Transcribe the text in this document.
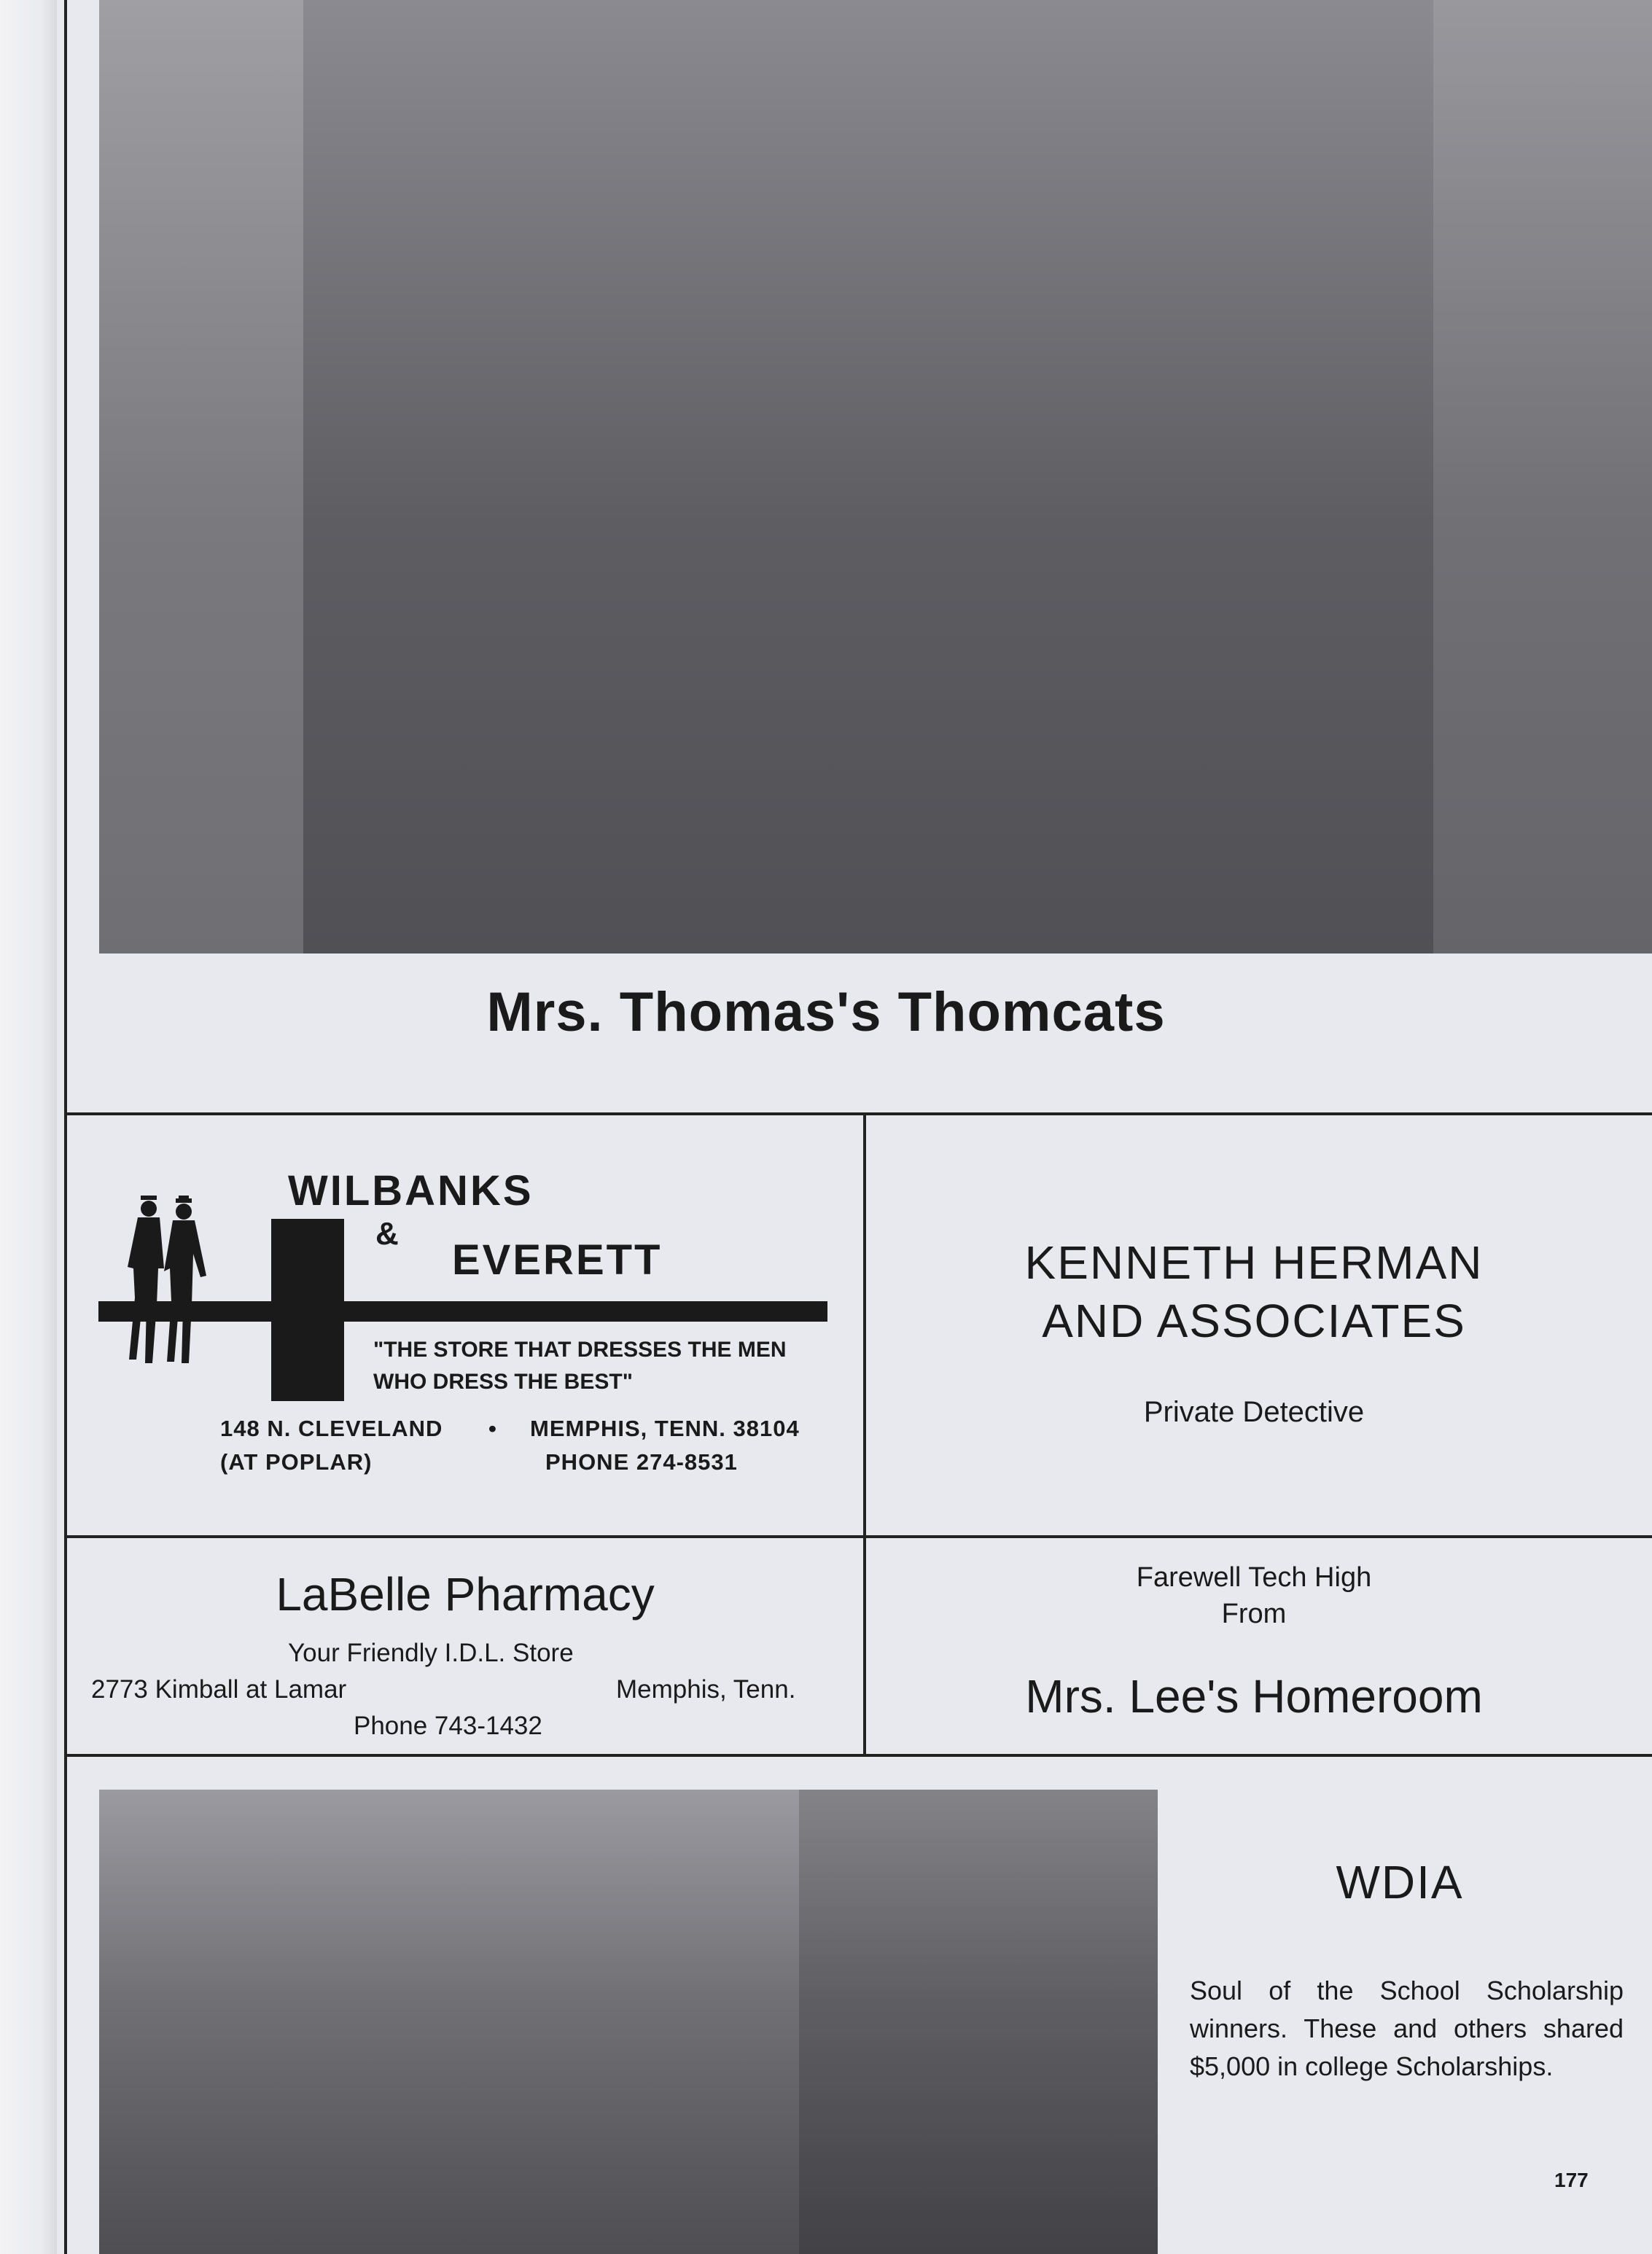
Mrs. Thomas's Thomcats
WILBANKS
&
EVERETT
"THE STORE THAT DRESSES THE MEN
WHO DRESS THE BEST"
148 N. CLEVELAND • MEMPHIS, TENN. 38104
(AT POPLAR)	PHONE 274-8531
KENNETH HERMAN
AND ASSOCIATES
Private Detective
LaBelle Pharmacy
Your Friendly I.D.L. Store
2773 Kimball at Lamar	Memphis, Tenn.
Phone 743-1432
Farewell Tech High
From
Mrs. Lee's Homeroom
WDIA
Soul of the School Scholarship winners. These and others shared $5,000 in college Scholarships.
177
